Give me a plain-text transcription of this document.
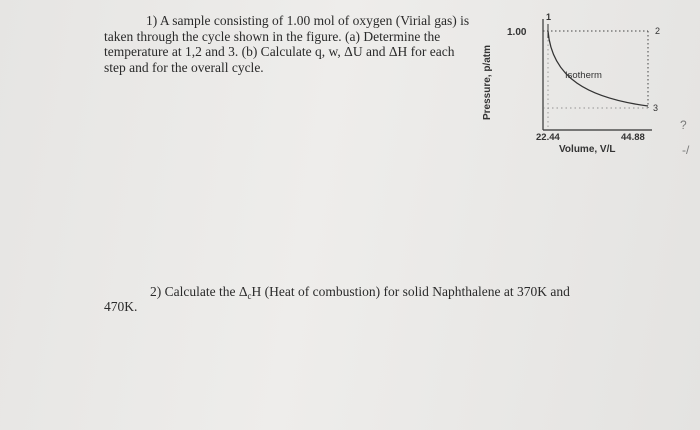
1) A sample consisting of 1.00 mol of oxygen (Virial gas) is
taken through the cycle shown in the figure. (a) Determine the
temperature at 1,2 and 3. (b) Calculate q, w, ΔU and ΔH for each
step and for the overall cycle.	Pressure, p/atm
1.00
1
2
3
Isotherm
22.44	44.88
Volume, V/L
2) Calculate the $\Delta_cH$ (Heat of combustion) for solid Naphthalene at 370K and
470K.
?
-/
